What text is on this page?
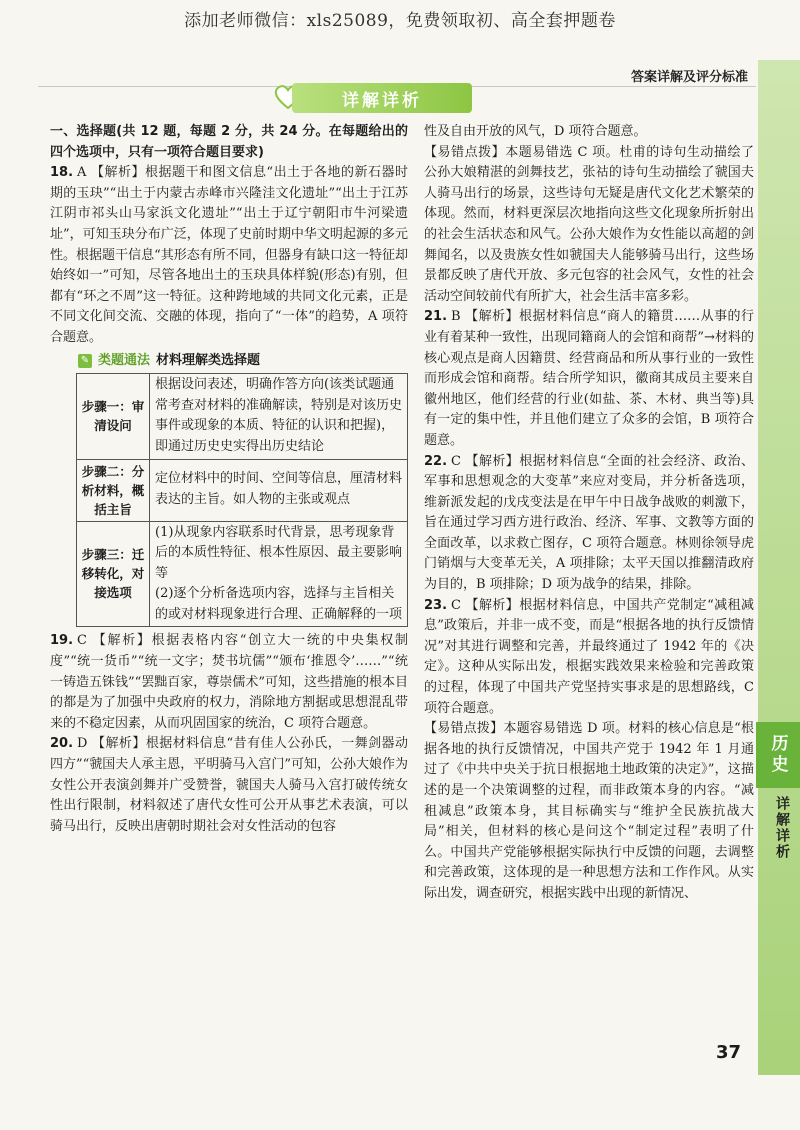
添加老师微信：xls25089，免费领取初、高全套押题卷
历史
详解详析
答案详解及评分标准
详解详析

一、选择题(共 12 题，每题 2 分，共 24 分。在每题给出的四个选项中，只有一项符合题目要求)

18. A 【解析】根据题干和图文信息“出土于各地的新石器时期的玉玦”“出土于内蒙古赤峰市兴隆洼文化遗址”“出土于江苏江阴市祁头山马家浜文化遗址”“出土于辽宁朝阳市牛河梁遗址”，可知玉玦分布广泛，体现了史前时期中华文明起源的多元性。根据题干信息“其形态有所不同，但器身有缺口这一特征却始终如一”可知，尽管各地出土的玉玦具体样貌(形态)有别，但都有“环之不周”这一特征。这种跨地域的共同文化元素，正是不同文化间交流、交融的体现，指向了“一体”的趋势，A 项符合题意。

✎ 类题通法 材料理解类选择题
步骤一：审清设问	根据设问表述，明确作答方向(该类试题通常考查对材料的准确解读，特别是对该历史事件或现象的本质、特征的认识和把握)，即通过历史史实得出历史结论
步骤二：分析材料，概括主旨	定位材料中的时间、空间等信息，厘清材料表达的主旨。如人物的主张或观点
步骤三：迁移转化，对接选项	(1)从现象内容联系时代背景，思考现象背后的本质性特征、根本性原因、最主要影响等
(2)逐个分析备选项内容，选择与主旨相关的或对材料现象进行合理、正确解释的一项

19. C 【解析】根据表格内容“创立大一统的中央集权制度”“统一货币”“统一文字；焚书坑儒”“颁布‘推恩令’……”“统一铸造五铢钱”“罢黜百家，尊崇儒术”可知，这些措施的根本目的都是为了加强中央政府的权力，消除地方割据或思想混乱带来的不稳定因素，从而巩固国家的统治，C 项符合题意。

20. D 【解析】根据材料信息“昔有佳人公孙氏，一舞剑器动四方”“虢国夫人承主恩，平明骑马入宫门”可知，公孙大娘作为女性公开表演剑舞并广受赞誉，虢国夫人骑马入宫打破传统女性出行限制，材料叙述了唐代女性可公开从事艺术表演，可以骑马出行，反映出唐朝时期社会对女性活动的包容

性及自由开放的风气，D 项符合题意。

【易错点拨】本题易错选 C 项。杜甫的诗句生动描绘了公孙大娘精湛的剑舞技艺，张祜的诗句生动描绘了虢国夫人骑马出行的场景，这些诗句无疑是唐代文化艺术繁荣的体现。然而，材料更深层次地指向这些文化现象所折射出的社会生活状态和风气。公孙大娘作为女性能以高超的剑舞闻名，以及贵族女性如虢国夫人能够骑马出行，这些场景都反映了唐代开放、多元包容的社会风气，女性的社会活动空间较前代有所扩大，社会生活丰富多彩。

21. B 【解析】根据材料信息“商人的籍贯……从事的行业有着某种一致性，出现同籍商人的会馆和商帮”→材料的核心观点是商人因籍贯、经营商品和所从事行业的一致性而形成会馆和商帮。结合所学知识，徽商其成员主要来自徽州地区，他们经营的行业(如盐、茶、木材、典当等)具有一定的集中性，并且他们建立了众多的会馆，B 项符合题意。

22. C 【解析】根据材料信息“全面的社会经济、政治、军事和思想观念的大变革”来应对变局，并分析备选项，维新派发起的戊戌变法是在甲午中日战争战败的刺激下，旨在通过学习西方进行政治、经济、军事、文教等方面的全面改革，以求救亡图存，C 项符合题意。林则徐领导虎门销烟与大变革无关，A 项排除；太平天国以推翻清政府为目的，B 项排除；D 项为战争的结果，排除。

23. C 【解析】根据材料信息，中国共产党制定“减租减息”政策后，并非一成不变，而是“根据各地的执行反馈情况”对其进行调整和完善，并最终通过了 1942 年的《决定》。这种从实际出发，根据实践效果来检验和完善政策的过程，体现了中国共产党坚持实事求是的思想路线，C 项符合题意。

【易错点拨】本题容易错选 D 项。材料的核心信息是“根据各地的执行反馈情况，中国共产党于 1942 年 1 月通过了《中共中央关于抗日根据地土地政策的决定》”，这描述的是一个决策调整的过程，而非政策本身的内容。“减租减息”政策本身，其目标确实与“维护全民族抗战大局”相关，但材料的核心是问这个“制定过程”表明了什么。中国共产党能够根据实际执行中反馈的问题，去调整和完善政策，这体现的是一种思想方法和工作作风。从实际出发，调查研究，根据实践中出现的新情况、

37
